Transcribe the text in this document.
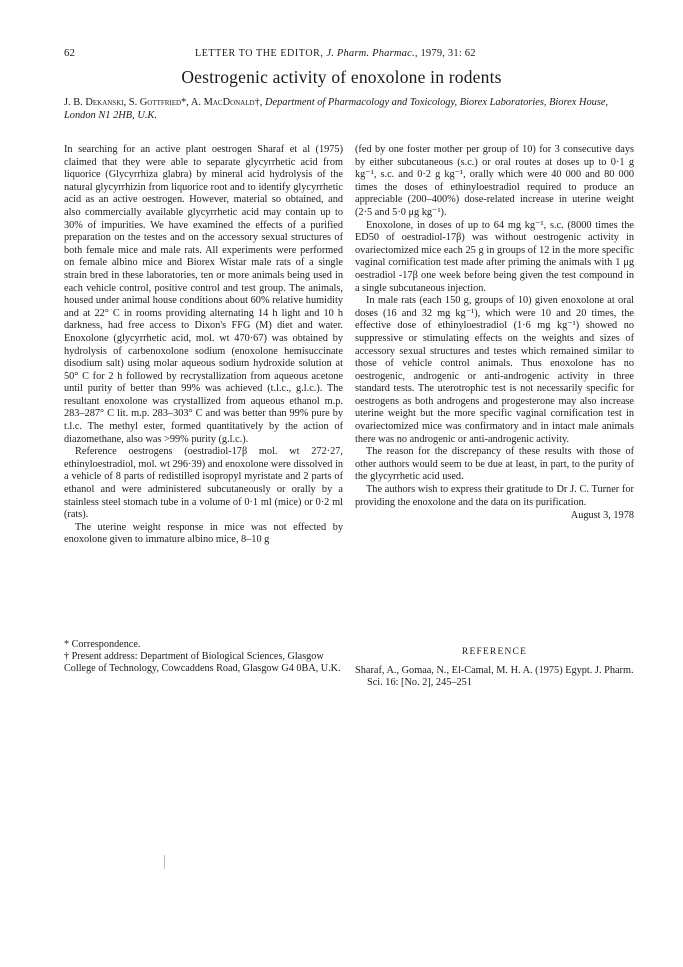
62	LETTER TO THE EDITOR, J. Pharm. Pharmac., 1979, 31: 62
Oestrogenic activity of enoxolone in rodents
J. B. Dekanski, S. Gottfried*, A. MacDonald†, Department of Pharmacology and Toxicology, Biorex Laboratories, Biorex House, London N1 2HB, U.K.

In searching for an active plant oestrogen Sharaf et al (1975) claimed that they were able to separate glycyrrhetic acid from liquorice (Glycyrrhiza glabra) by mineral acid hydrolysis of the natural glycyrrhizin from liquorice root and to identify glycyrrhetic acid as an active oestrogen. However, material so obtained, and also commercially available glycyrrhetic acid may contain up to 30% of impurities. We have examined the effects of a purified preparation on the testes and on the accessory sexual structures of both female mice and male rats. All experiments were performed on female albino mice and Biorex Wistar male rats of a single strain bred in these laboratories, ten or more animals being used in each vehicle control, positive control and test group. The animals, housed under animal house conditions about 60% relative humidity and at 22° C in rooms providing alternating 14 h light and 10 h darkness, had free access to Dixon's FFG (M) diet and water. Enoxolone (glycyrrhetic acid, mol. wt 470·67) was obtained by hydrolysis of carbenoxolone sodium (enoxolone hemisuccinate disodium salt) using molar aqueous sodium hydroxide solution at 50° C for 2 h followed by recrystallization from aqueous acetone until purity of better than 99% was achieved (t.l.c., g.l.c.). The resultant enoxolone was crystallized from aqueous ethanol m.p. 283–287° C lit. m.p. 283–303° C and was better than 99% pure by t.l.c. The methyl ester, formed quantitatively by the action of diazomethane, also was >99% purity (g.l.c.).

Reference oestrogens (oestradiol-17β mol. wt 272·27, ethinyloestradiol, mol. wt 296·39) and enoxolone were dissolved in a vehicle of 8 parts of redistilled isopropyl myristate and 2 parts of ethanol and were administered subcutaneously or orally by a stainless steel stomach tube in a volume of 0·1 ml (mice) or 0·2 ml (rats).

The uterine weight response in mice was not effected by enoxolone given to immature albino mice, 8–10 g

(fed by one foster mother per group of 10) for 3 consecutive days by either subcutaneous (s.c.) or oral routes at doses up to 0·1 g kg⁻¹, s.c. and 0·2 g kg⁻¹, orally which were 40 000 and 80 000 times the doses of ethinyloestradiol required to produce an appreciable (200–400%) dose-related increase in uterine weight (2·5 and 5·0 μg kg⁻¹).

Enoxolone, in doses of up to 64 mg kg⁻¹, s.c. (8000 times the ED50 of oestradiol-17β) was without oestrogenic activity in ovariectomized mice each 25 g in groups of 12 in the more specific vaginal cornification test made after priming the animals with 1 μg oestradiol -17β one week before being given the test compound in a single subcutaneous injection.

In male rats (each 150 g, groups of 10) given enoxolone at oral doses (16 and 32 mg kg⁻¹), which were 10 and 20 times, the effective dose of ethinyloestradiol (1·6 mg kg⁻¹) showed no suppressive or stimulating effects on the weights and sizes of accessory sexual structures and testes which remained similar to those of vehicle control animals. Thus enoxolone has no oestrogenic, androgenic or anti-androgenic activity in three standard tests. The uterotrophic test is not necessarily specific for oestrogens as both androgens and progesterone may also increase uterine weight but the more specific vaginal cornification test in ovariectomized mice was confirmatory and in intact male animals there was no androgenic or anti-androgenic activity.

The reason for the discrepancy of these results with those of other authors would seem to be due at least, in part, to the purity of the glycyrrhetic acid used.

The authors wish to express their gratitude to Dr J. C. Turner for providing the enoxolone and the data on its purification.

August 3, 1978

* Correspondence.
† Present address: Department of Biological Sciences, Glasgow College of Technology, Cowcaddens Road, Glasgow G4 0BA, U.K.
REFERENCE
Sharaf, A., Gomaa, N., El-Camal, M. H. A. (1975) Egypt. J. Pharm. Sci. 16: [No. 2], 245–251
